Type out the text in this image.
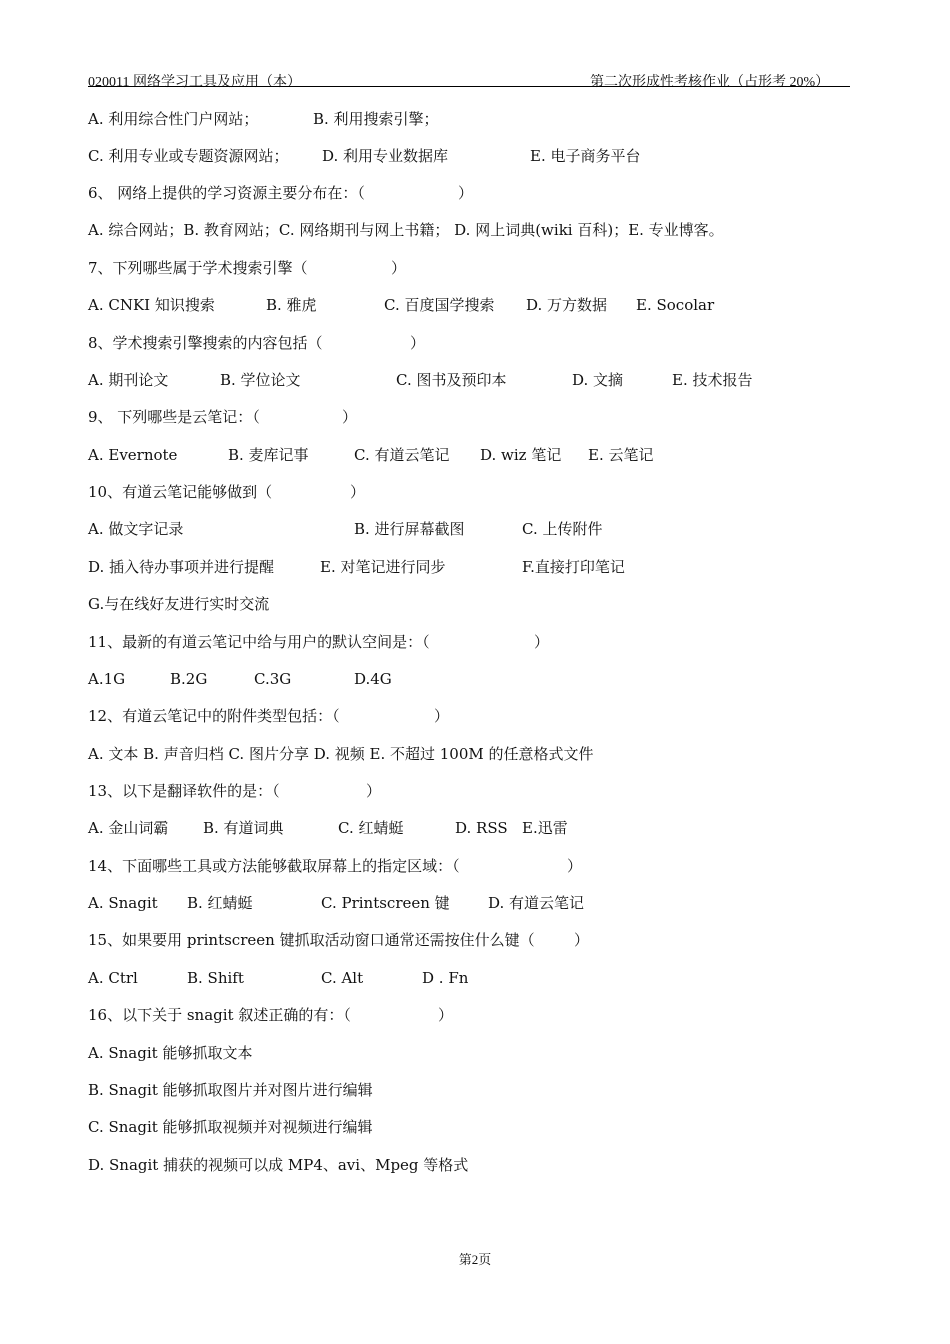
020011 网络学习工具及应用（本）	第二次形成性考核作业（占形考 20%）
A. 利用综合性门户网站；	B. 利用搜索引擎；
C. 利用专业或专题资源网站； D. 利用专业数据库	E. 电子商务平台
6、 网络上提供的学习资源主要分布在：（	）
A. 综合网站；B. 教育网站；C. 网络期刊与网上书籍； D. 网上词典(wiki 百科)；E. 专业博客。
7、下列哪些属于学术搜索引擎（	）
A. CNKI 知识搜索	B. 雅虎	C. 百度国学搜索 D. 万方数据 E. Socolar
8、学术搜索引擎搜索的内容包括（	）
A. 期刊论文	B. 学位论文	C. 图书及预印本	D. 文摘	E. 技术报告
9、 下列哪些是云笔记：（	）
A. Evernote	B. 麦库记事	C. 有道云笔记 D. wiz 笔记 E. 云笔记
10、有道云笔记能够做到（	）
A. 做文字记录	B. 进行屏幕截图	C. 上传附件
D. 插入待办事项并进行提醒	E. 对笔记进行同步	F.直接打印笔记
G.与在线好友进行实时交流
11、最新的有道云笔记中给与用户的默认空间是：（	）
A.1G	B.2G	C.3G	D.4G
12、有道云笔记中的附件类型包括：（	）
A. 文本 B. 声音归档 C. 图片分享 D. 视频 E. 不超过 100M 的任意格式文件
13、以下是翻译软件的是：（	）
A. 金山词霸 B. 有道词典	C. 红蜻蜓	D. RSS E.迅雷
14、下面哪些工具或方法能够截取屏幕上的指定区域：（	）
A. Snagit B. 红蜻蜓	C. Printscreen 键	D. 有道云笔记
15、如果要用 printscreen 键抓取活动窗口通常还需按住什么键（	）
A. Ctrl	B. Shift	C. Alt	D . Fn
16、以下关于 snagit 叙述正确的有：（	）
A. Snagit 能够抓取文本
B. Snagit 能够抓取图片并对图片进行编辑
C. Snagit 能够抓取视频并对视频进行编辑
D. Snagit 捕获的视频可以成 MP4、avi、Mpeg 等格式
第2页
